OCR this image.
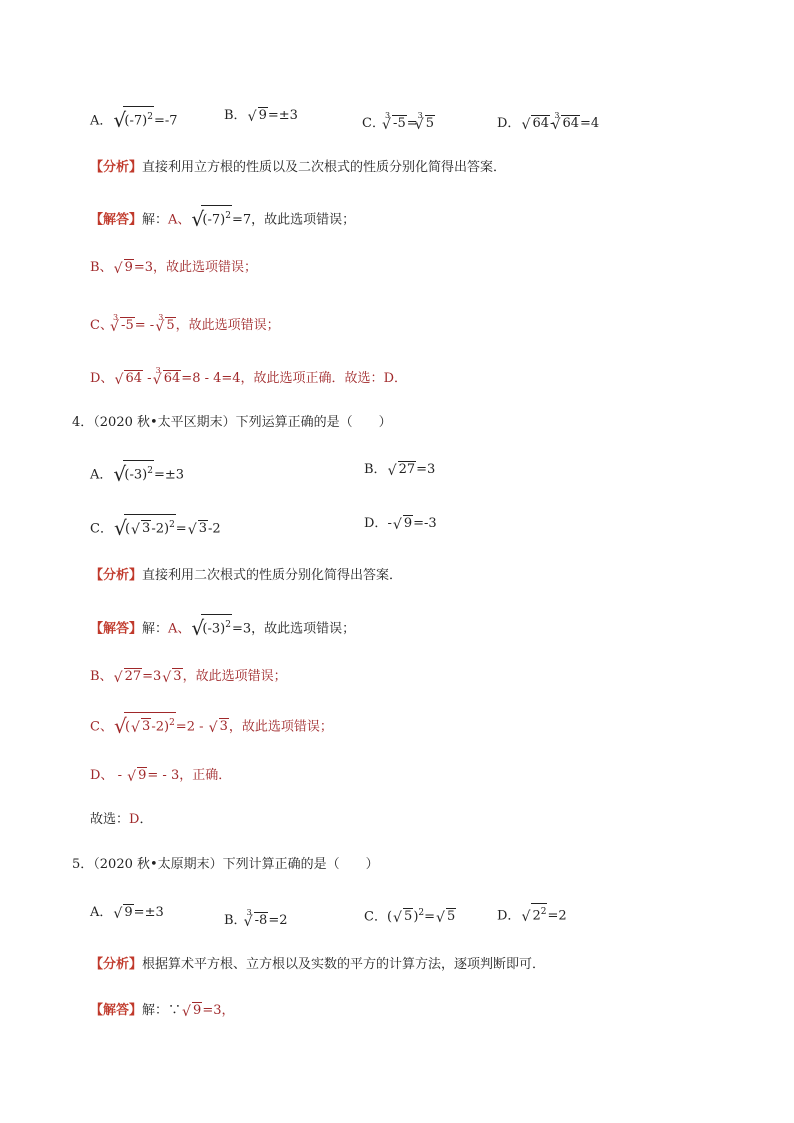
A． √ $(-7)^2=-7$	B． √ 9=±3
C．$^3$√ -5=$^3$√ 5	D． √ 64-$^3$√ 64=4
【分析】直接利用立方根的性质以及二次根式的性质分别化简得出答案．
【解答】解：A、 √ $(-7)^2=7$，故此选项错误；
B、 √ 9=3，故此选项错误；
C、$^3$√ -5= - $^3$√ 5，故此选项错误；
D、 √ 64 - $^3$√ 64=8 - 4=4，故此选项正确．故选：D．
4．（2020 秋•太平区期末）下列运算正确的是（　　）
A． √ $(-3)^2=\pm 3$	B． √ 27=3
C． √ ( √ 3-2)$^2$= √ 3-2	D．- √ 9=-3
【分析】直接利用二次根式的性质分别化简得出答案．
【解答】解：A、 √ $(-3)^2=3$，故此选项错误；
B、 √ 27=3 √ 3，故此选项错误；
C、 √ ( √ 3-2)$^2$=2 - √ 3，故此选项错误；
D、 - √ 9= - 3，正确．
故选：D．
5．（2020 秋•太原期末）下列计算正确的是（　　）
A． √ 9=±3
B．$^3$√ -8=2	C．( √ 5)$^2$= √ 5	D． √ $2^2=2$
【分析】根据算术平方根、立方根以及实数的平方的计算方法，逐项判断即可．
【解答】解：∵ √ 9=3，
